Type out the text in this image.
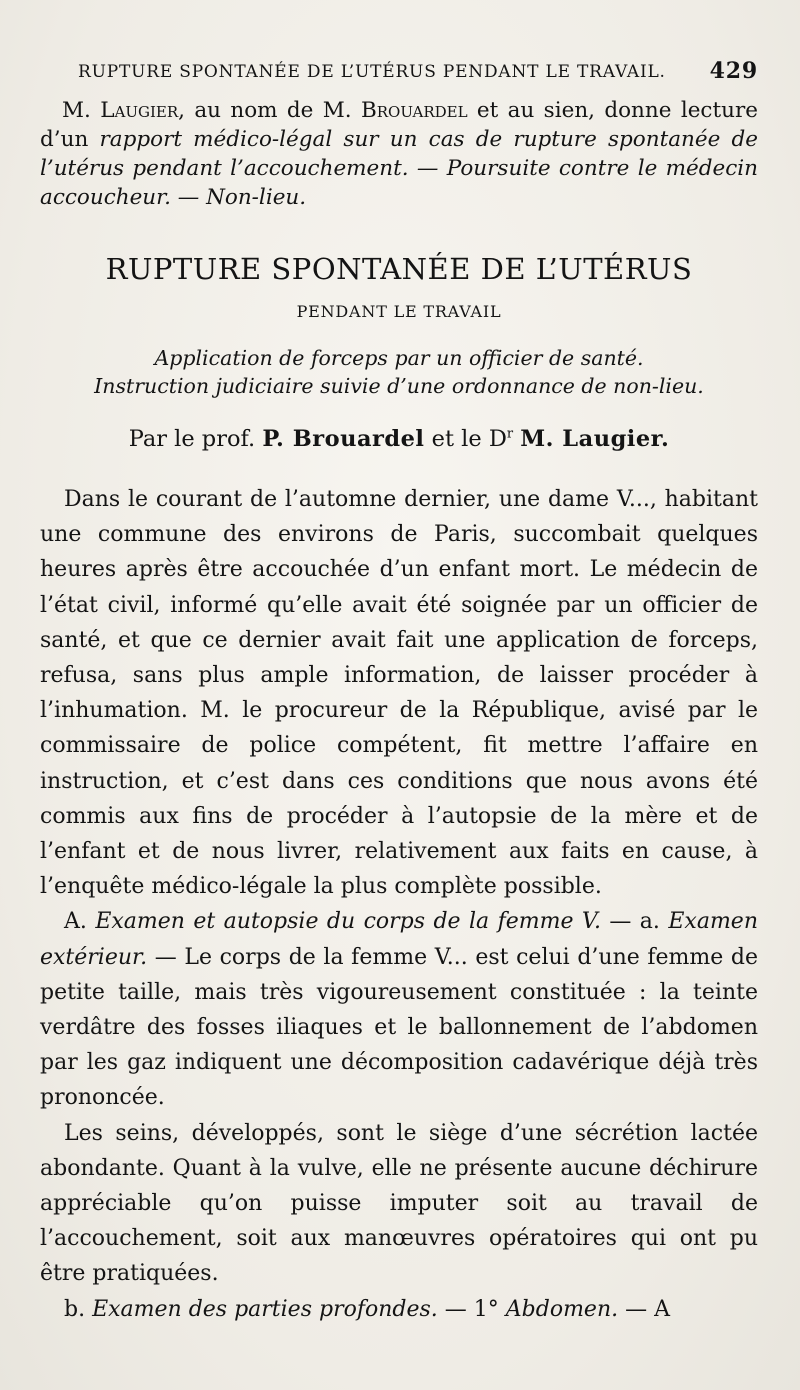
RUPTURE SPONTANÉE DE L’UTÉRUS PENDANT LE TRAVAIL. 429

M. Laugier, au nom de M. Brouardel et au sien, donne lecture d’un rapport médico-légal sur un cas de rupture spontanée de l’utérus pendant l’accouchement. — Poursuite contre le médecin accoucheur. — Non-lieu.

RUPTURE SPONTANÉE DE L’UTÉRUS
PENDANT LE TRAVAIL
Application de forceps par un officier de santé.
Instruction judiciaire suivie d’une ordonnance de non-lieu.
Par le prof. P. Brouardel et le $D^r$ M. Laugier.

Dans le courant de l’automne dernier, une dame V..., habitant une commune des environs de Paris, succombait quelques heures après être accouchée d’un enfant mort. Le médecin de l’état civil, informé qu’elle avait été soignée par un officier de santé, et que ce dernier avait fait une application de forceps, refusa, sans plus ample information, de laisser procéder à l’inhumation. M. le procureur de la République, avisé par le commissaire de police compétent, fit mettre l’affaire en instruction, et c’est dans ces conditions que nous avons été commis aux fins de procéder à l’autopsie de la mère et de l’enfant et de nous livrer, relativement aux faits en cause, à l’enquête médico-légale la plus complète possible.

A. Examen et autopsie du corps de la femme V. — a. Examen extérieur. — Le corps de la femme V... est celui d’une femme de petite taille, mais très vigoureusement constituée : la teinte verdâtre des fosses iliaques et le ballonnement de l’abdomen par les gaz indiquent une décomposition cadavérique déjà très prononcée.

Les seins, développés, sont le siège d’une sécrétion lactée abondante. Quant à la vulve, elle ne présente aucune déchirure appréciable qu’on puisse imputer soit au travail de l’accouchement, soit aux manœuvres opératoires qui ont pu être pratiquées.

b. Examen des parties profondes. — 1° Abdomen. — A
